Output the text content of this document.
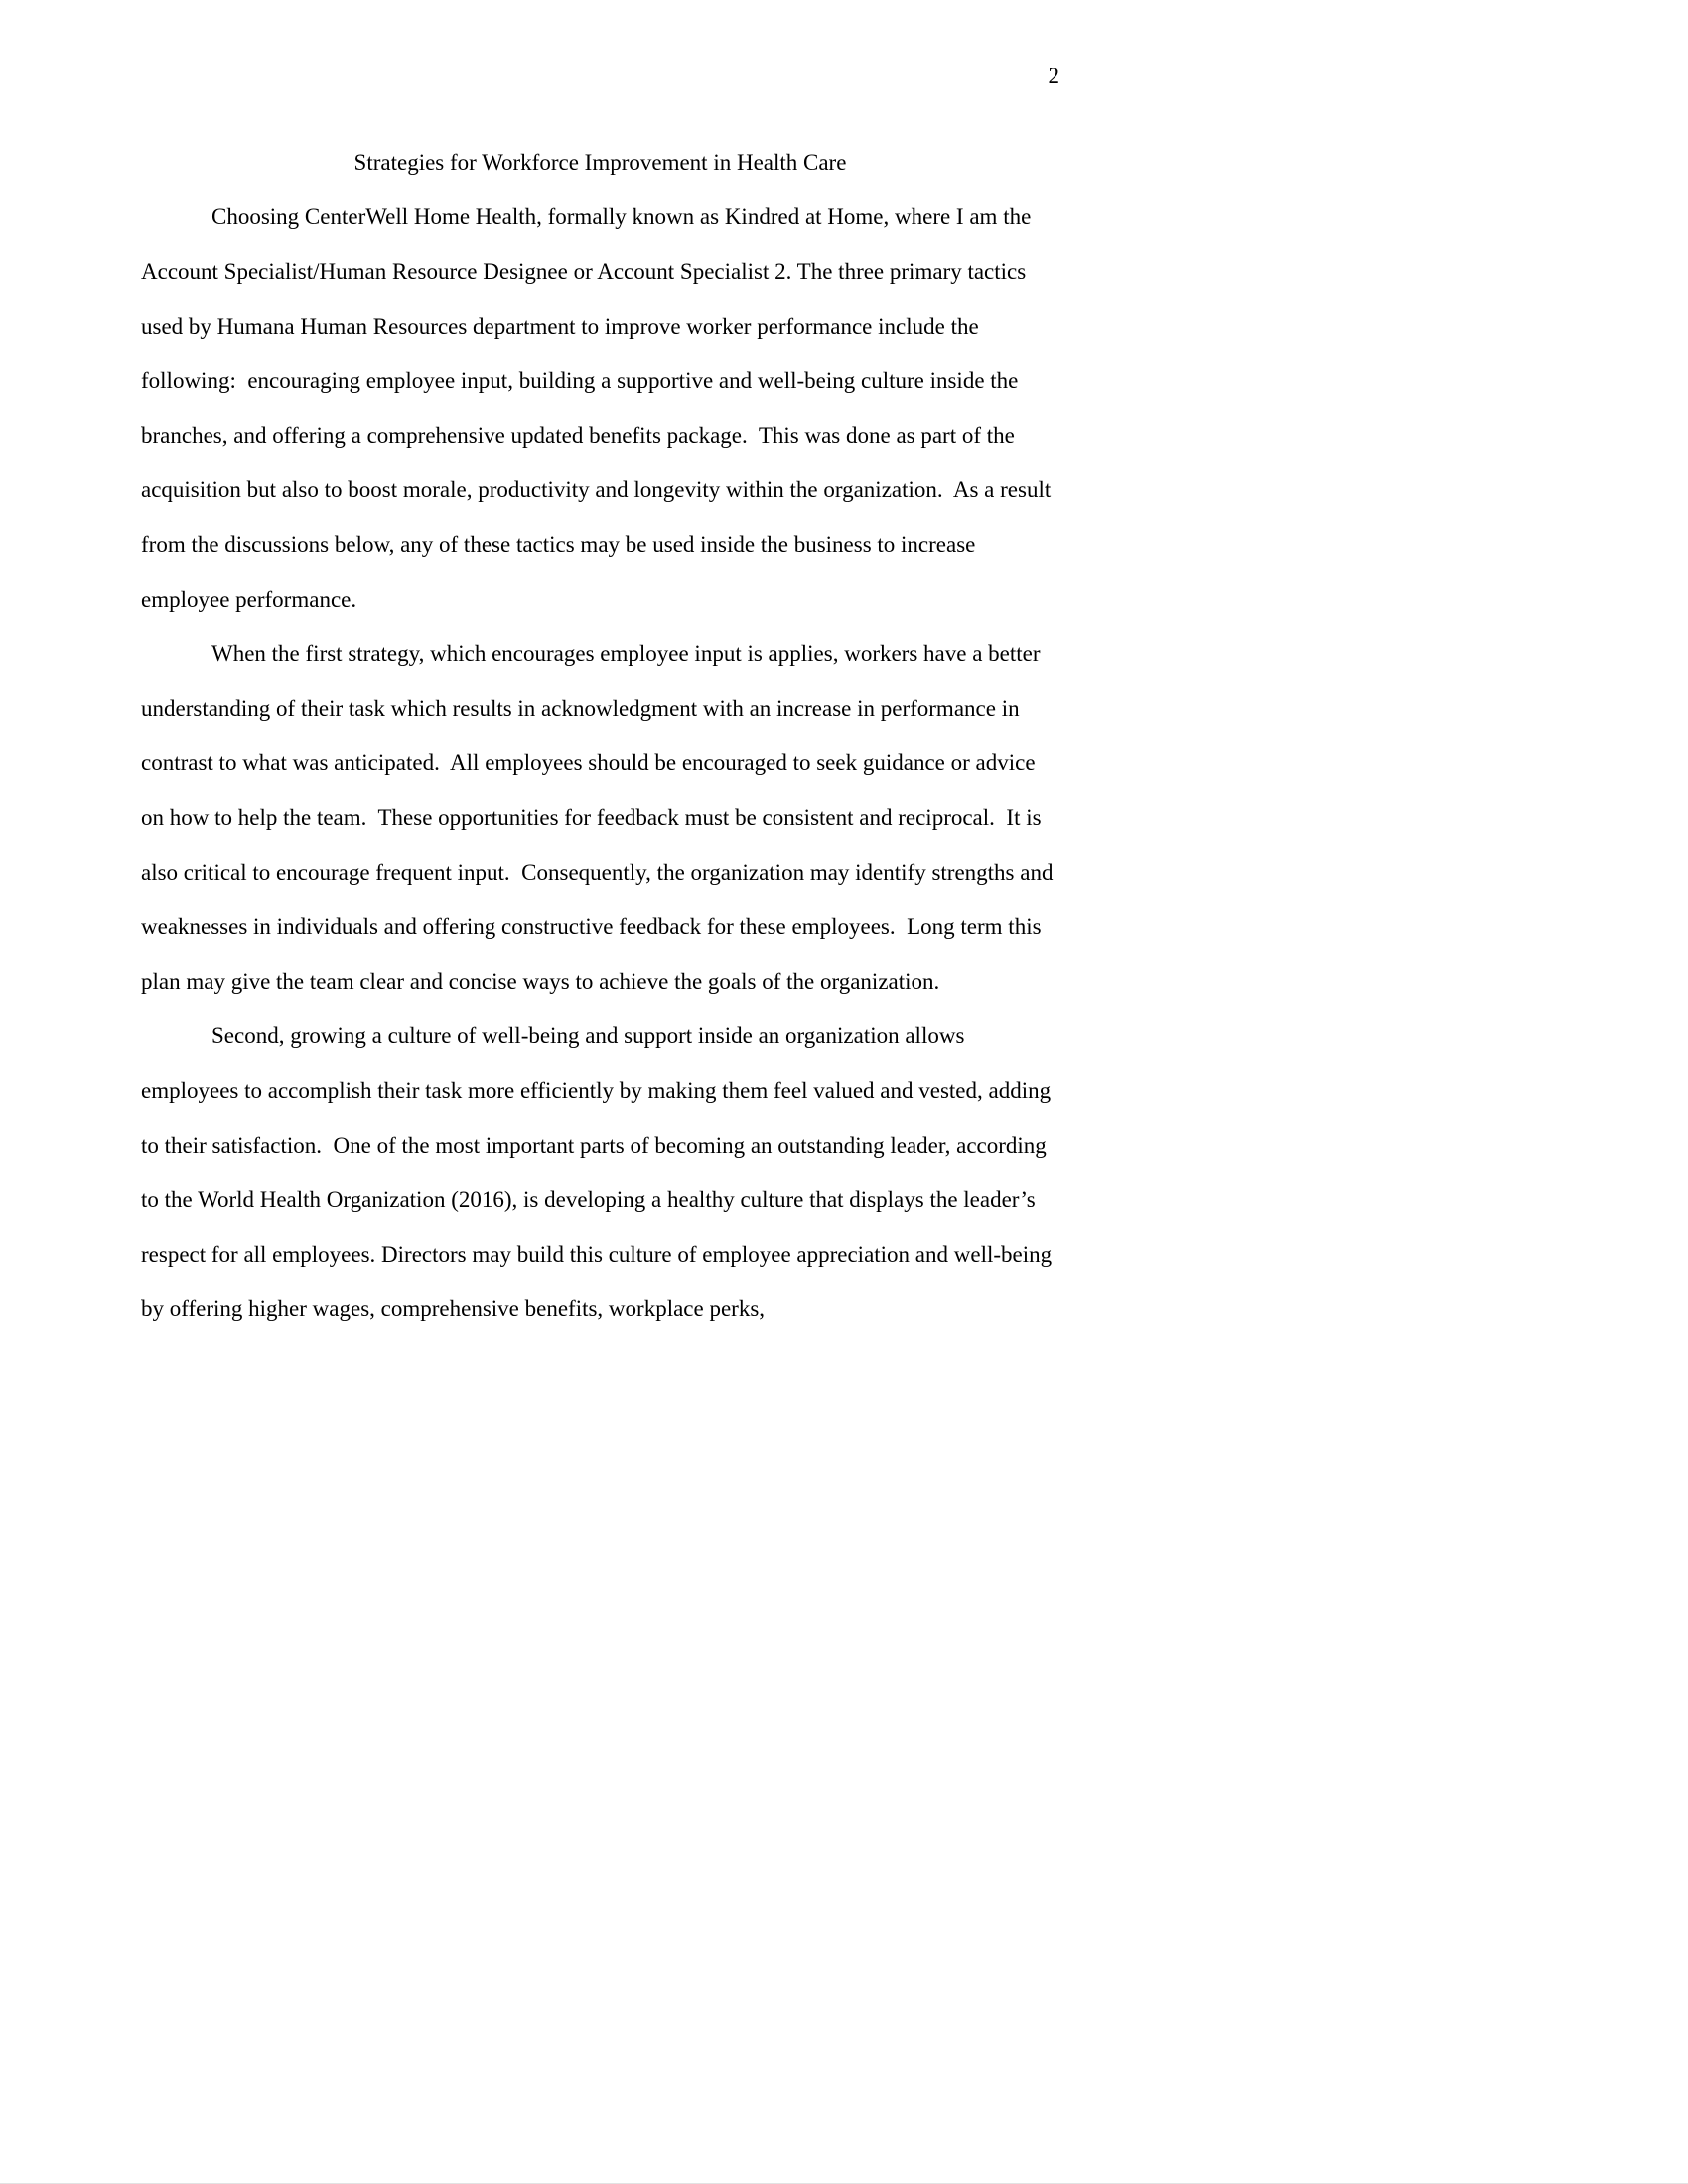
2
Strategies for Workforce Improvement in Health Care

Choosing CenterWell Home Health, formally known as Kindred at Home, where I am the Account Specialist/Human Resource Designee or Account Specialist 2. The three primary tactics used by Humana Human Resources department to improve worker performance include the following:  encouraging employee input, building a supportive and well-being culture inside the branches, and offering a comprehensive updated benefits package.  This was done as part of the acquisition but also to boost morale, productivity and longevity within the organization.  As a result from the discussions below, any of these tactics may be used inside the business to increase employee performance.

When the first strategy, which encourages employee input is applies, workers have a better understanding of their task which results in acknowledgment with an increase in performance in contrast to what was anticipated.  All employees should be encouraged to seek guidance or advice on how to help the team.  These opportunities for feedback must be consistent and reciprocal.  It is also critical to encourage frequent input.  Consequently, the organization may identify strengths and weaknesses in individuals and offering constructive feedback for these employees.  Long term this plan may give the team clear and concise ways to achieve the goals of the organization.

Second, growing a culture of well-being and support inside an organization allows employees to accomplish their task more efficiently by making them feel valued and vested, adding to their satisfaction.  One of the most important parts of becoming an outstanding leader, according to the World Health Organization (2016), is developing a healthy culture that displays the leader’s respect for all employees. Directors may build this culture of employee appreciation and well-being by offering higher wages, comprehensive benefits, workplace perks,
